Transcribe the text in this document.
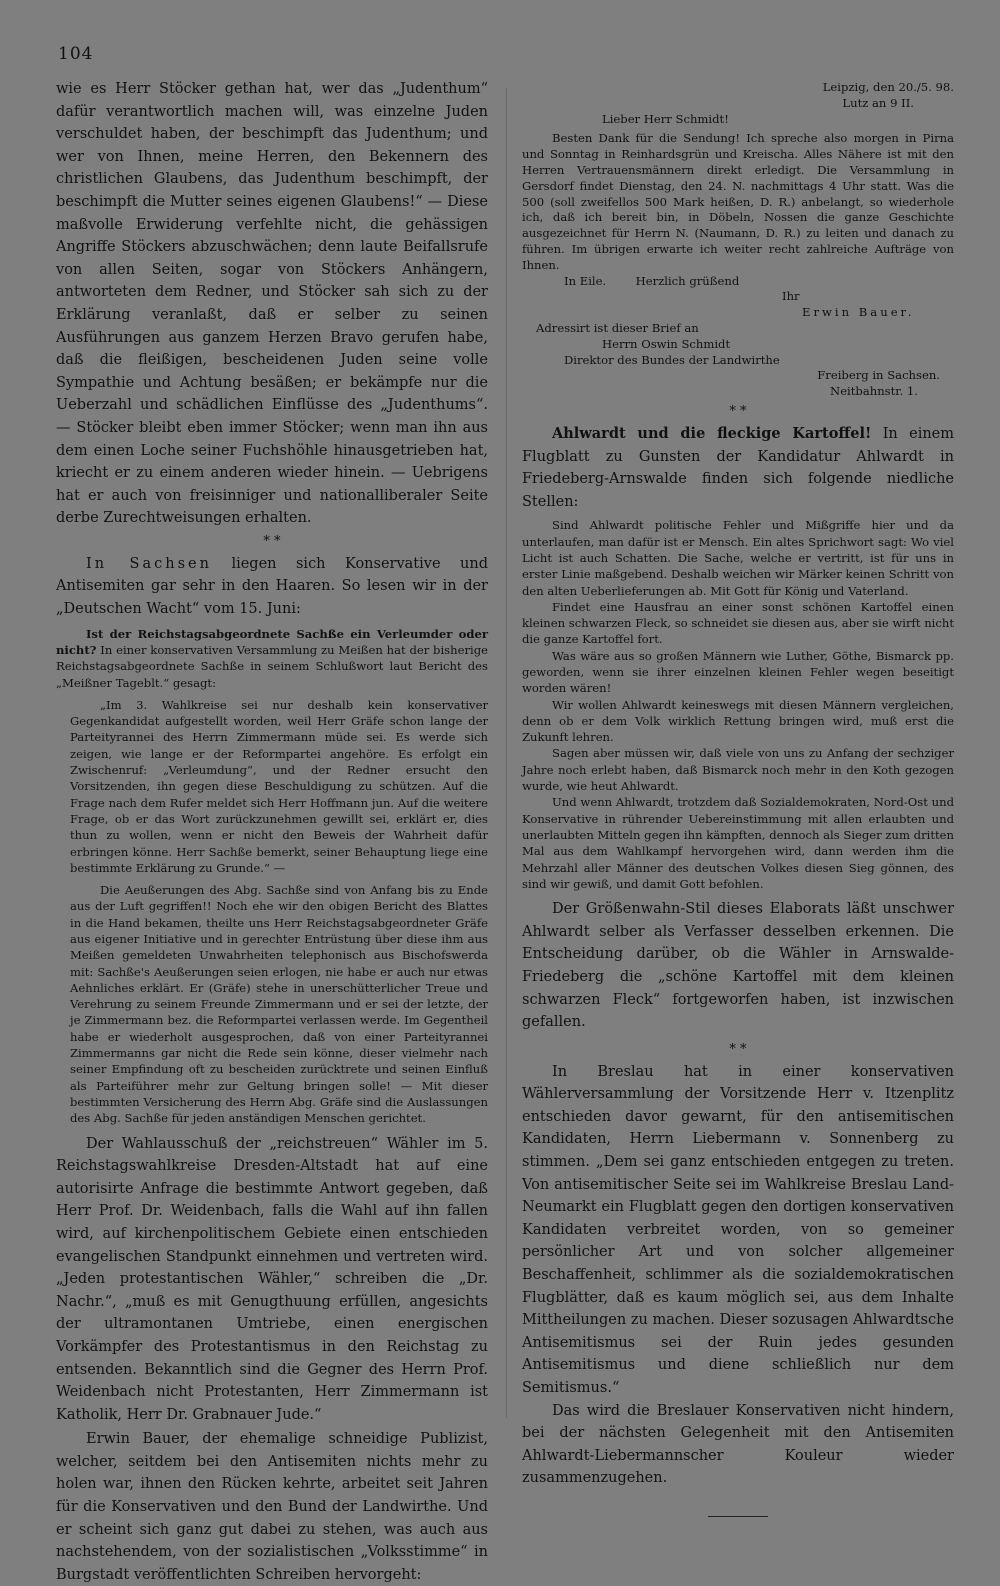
104

wie es Herr Stöcker gethan hat, wer das „Judenthum“ dafür verantwortlich machen will, was einzelne Juden verschuldet haben, der beschimpft das Judenthum; und wer von Ihnen, meine Herren, den Bekennern des christlichen Glaubens, das Judenthum beschimpft, der beschimpft die Mutter seines eigenen Glaubens!“ — Diese maßvolle Erwiderung verfehlte nicht, die gehässigen Angriffe Stöckers abzuschwächen; denn laute Beifallsrufe von allen Seiten, sogar von Stöckers Anhängern, antworteten dem Redner, und Stöcker sah sich zu der Erklärung veranlaßt, daß er selber zu seinen Ausführungen aus ganzem Herzen Bravo gerufen habe, daß die fleißigen, bescheidenen Juden seine volle Sympathie und Achtung besäßen; er bekämpfe nur die Ueberzahl und schädlichen Einflüsse des „Judenthums“. — Stöcker bleibt eben immer Stöcker; wenn man ihn aus dem einen Loche seiner Fuchshöhle hinausgetrieben hat, kriecht er zu einem anderen wieder hinein. — Uebrigens hat er auch von freisinniger und nationalliberaler Seite derbe Zurechtweisungen erhalten.

* *

In Sachsen liegen sich Konservative und Antisemiten gar sehr in den Haaren. So lesen wir in der „Deutschen Wacht“ vom 15. Juni:

Ist der Reichstagsabgeordnete Sachße ein Verleumder oder nicht? In einer konservativen Versammlung zu Meißen hat der bisherige Reichstagsabgeordnete Sachße in seinem Schlußwort laut Bericht des „Meißner Tageblt.“ gesagt:

„Im 3. Wahlkreise sei nur deshalb kein konservativer Gegenkandidat aufgestellt worden, weil Herr Gräfe schon lange der Parteityrannei des Herrn Zimmermann müde sei. Es werde sich zeigen, wie lange er der Reformpartei angehöre. Es erfolgt ein Zwischenruf: „Verleumdung“, und der Redner ersucht den Vorsitzenden, ihn gegen diese Beschuldigung zu schützen. Auf die Frage nach dem Rufer meldet sich Herr Hoffmann jun. Auf die weitere Frage, ob er das Wort zurückzunehmen gewillt sei, erklärt er, dies thun zu wollen, wenn er nicht den Beweis der Wahrheit dafür erbringen könne. Herr Sachße bemerkt, seiner Behauptung liege eine bestimmte Erklärung zu Grunde.“ —

Die Aeußerungen des Abg. Sachße sind von Anfang bis zu Ende aus der Luft gegriffen!! Noch ehe wir den obigen Bericht des Blattes in die Hand bekamen, theilte uns Herr Reichstagsabgeordneter Gräfe aus eigener Initiative und in gerechter Entrüstung über diese ihm aus Meißen gemeldeten Unwahrheiten telephonisch aus Bischofswerda mit: Sachße's Aeußerungen seien erlogen, nie habe er auch nur etwas Aehnliches erklärt. Er (Gräfe) stehe in unerschütterlicher Treue und Verehrung zu seinem Freunde Zimmermann und er sei der letzte, der je Zimmermann bez. die Reformpartei verlassen werde. Im Gegentheil habe er wiederholt ausgesprochen, daß von einer Parteityrannei Zimmermanns gar nicht die Rede sein könne, dieser vielmehr nach seiner Empfindung oft zu bescheiden zurücktrete und seinen Einfluß als Parteiführer mehr zur Geltung bringen solle! — Mit dieser bestimmten Versicherung des Herrn Abg. Gräfe sind die Auslassungen des Abg. Sachße für jeden anständigen Menschen gerichtet.

Der Wahlausschuß der „reichstreuen“ Wähler im 5. Reichstagswahlkreise Dresden-Altstadt hat auf eine autorisirte Anfrage die bestimmte Antwort gegeben, daß Herr Prof. Dr. Weidenbach, falls die Wahl auf ihn fallen wird, auf kirchenpolitischem Gebiete einen entschieden evangelischen Standpunkt einnehmen und vertreten wird. „Jeden protestantischen Wähler,“ schreiben die „Dr. Nachr.“, „muß es mit Genugthuung erfüllen, angesichts der ultramontanen Umtriebe, einen energischen Vorkämpfer des Protestantismus in den Reichstag zu entsenden. Bekanntlich sind die Gegner des Herrn Prof. Weidenbach nicht Protestanten, Herr Zimmermann ist Katholik, Herr Dr. Grabnauer Jude.“

Erwin Bauer, der ehemalige schneidige Publizist, welcher, seitdem bei den Antisemiten nichts mehr zu holen war, ihnen den Rücken kehrte, arbeitet seit Jahren für die Konservativen und den Bund der Landwirthe. Und er scheint sich ganz gut dabei zu stehen, was auch aus nachstehendem, von der sozialistischen „Volksstimme“ in Burgstadt veröffentlichten Schreiben hervorgeht:

Leipzig, den 20./5. 98.
Lutz an 9 II.
Lieber Herr Schmidt!

Besten Dank für die Sendung! Ich spreche also morgen in Pirna und Sonntag in Reinhardsgrün und Kreischa. Alles Nähere ist mit den Herren Vertrauensmännern direkt erledigt. Die Versammlung in Gersdorf findet Dienstag, den 24. N. nachmittags 4 Uhr statt. Was die 500 (soll zweifellos 500 Mark heißen, D. R.) anbelangt, so wiederhole ich, daß ich bereit bin, in Döbeln, Nossen die ganze Geschichte ausgezeichnet für Herrn N. (Naumann, D. R.) zu leiten und danach zu führen. Im übrigen erwarte ich weiter recht zahlreiche Aufträge von Ihnen.

In Eile.        Herzlich grüßend
Ihr
Erwin Bauer.
Adressirt ist dieser Brief an
Herrn Oswin Schmidt
Direktor des Bundes der Landwirthe
Freiberg in Sachsen.
Neitbahnstr. 1.
* *

Ahlwardt und die fleckige Kartoffel! In einem Flugblatt zu Gunsten der Kandidatur Ahlwardt in Friedeberg-Arnswalde finden sich folgende niedliche Stellen:

Sind Ahlwardt politische Fehler und Mißgriffe hier und da unterlaufen, man dafür ist er Mensch. Ein altes Sprichwort sagt: Wo viel Licht ist auch Schatten. Die Sache, welche er vertritt, ist für uns in erster Linie maßgebend. Deshalb weichen wir Märker keinen Schritt von den alten Ueberlieferungen ab. Mit Gott für König und Vaterland.

Findet eine Hausfrau an einer sonst schönen Kartoffel einen kleinen schwarzen Fleck, so schneidet sie diesen aus, aber sie wirft nicht die ganze Kartoffel fort.

Was wäre aus so großen Männern wie Luther, Göthe, Bismarck pp. geworden, wenn sie ihrer einzelnen kleinen Fehler wegen beseitigt worden wären!

Wir wollen Ahlwardt keineswegs mit diesen Männern vergleichen, denn ob er dem Volk wirklich Rettung bringen wird, muß erst die Zukunft lehren.

Sagen aber müssen wir, daß viele von uns zu Anfang der sechziger Jahre noch erlebt haben, daß Bismarck noch mehr in den Koth gezogen wurde, wie heut Ahlwardt.

Und wenn Ahlwardt, trotzdem daß Sozialdemokraten, Nord-Ost und Konservative in rührender Uebereinstimmung mit allen erlaubten und unerlaubten Mitteln gegen ihn kämpften, dennoch als Sieger zum dritten Mal aus dem Wahlkampf hervorgehen wird, dann werden ihm die Mehrzahl aller Männer des deutschen Volkes diesen Sieg gönnen, des sind wir gewiß, und damit Gott befohlen.

Der Größenwahn-Stil dieses Elaborats läßt unschwer Ahlwardt selber als Verfasser desselben erkennen. Die Entscheidung darüber, ob die Wähler in Arnswalde-Friedeberg die „schöne Kartoffel mit dem kleinen schwarzen Fleck“ fortgeworfen haben, ist inzwischen gefallen.

* *

In Breslau hat in einer konservativen Wählerversammlung der Vorsitzende Herr v. Itzenplitz entschieden davor gewarnt, für den antisemitischen Kandidaten, Herrn Liebermann v. Sonnenberg zu stimmen. „Dem sei ganz entschieden entgegen zu treten. Von antisemitischer Seite sei im Wahlkreise Breslau Land-Neumarkt ein Flugblatt gegen den dortigen konservativen Kandidaten verbreitet worden, von so gemeiner persönlicher Art und von solcher allgemeiner Beschaffenheit, schlimmer als die sozialdemokratischen Flugblätter, daß es kaum möglich sei, aus dem Inhalte Mittheilungen zu machen. Dieser sozusagen Ahlwardtsche Antisemitismus sei der Ruin jedes gesunden Antisemitismus und diene schließlich nur dem Semitismus.“

Das wird die Breslauer Konservativen nicht hindern, bei der nächsten Gelegenheit mit den Antisemiten Ahlwardt-Liebermannscher Kouleur wieder zusammenzugehen.
